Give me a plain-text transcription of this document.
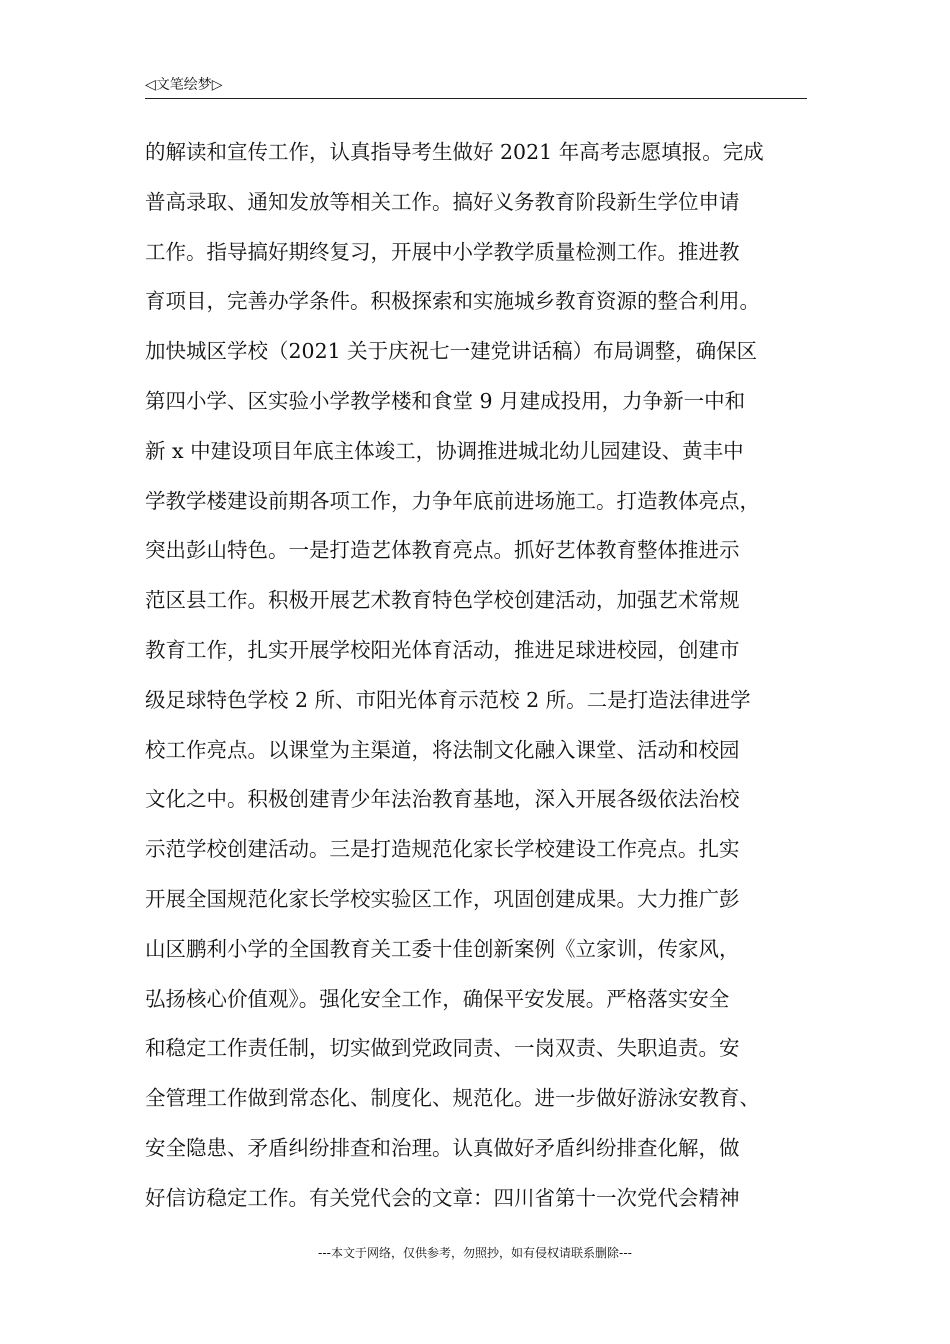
◁文笔绘梦▷
的解读和宣传工作，认真指导考生做好 2021 年高考志愿填报。完成
普高录取、通知发放等相关工作。搞好义务教育阶段新生学位申请
工作。指导搞好期终复习，开展中小学教学质量检测工作。推进教
育项目，完善办学条件。积极探索和实施城乡教育资源的整合利用。
加快城区学校（2021 关于庆祝七一建党讲话稿）布局调整，确保区
第四小学、区实验小学教学楼和食堂 9 月建成投用，力争新一中和
新 x 中建设项目年底主体竣工，协调推进城北幼儿园建设、黄丰中
学教学楼建设前期各项工作，力争年底前进场施工。打造教体亮点，
突出彭山特色。一是打造艺体教育亮点。抓好艺体教育整体推进示
范区县工作。积极开展艺术教育特色学校创建活动，加强艺术常规
教育工作，扎实开展学校阳光体育活动，推进足球进校园，创建市
级足球特色学校 2 所、市阳光体育示范校 2 所。二是打造法律进学
校工作亮点。以课堂为主渠道，将法制文化融入课堂、活动和校园
文化之中。积极创建青少年法治教育基地，深入开展各级依法治校
示范学校创建活动。三是打造规范化家长学校建设工作亮点。扎实
开展全国规范化家长学校实验区工作，巩固创建成果。大力推广彭
山区鹏利小学的全国教育关工委十佳创新案例《立家训，传家风，
弘扬核心价值观》。强化安全工作，确保平安发展。严格落实安全
和稳定工作责任制，切实做到党政同责、一岗双责、失职追责。安
全管理工作做到常态化、制度化、规范化。进一步做好游泳安教育、
安全隐患、矛盾纠纷排查和治理。认真做好矛盾纠纷排查化解，做
好信访稳定工作。有关党代会的文章：四川省第十一次党代会精神
---本文于网络，仅供参考，勿照抄，如有侵权请联系删除---
